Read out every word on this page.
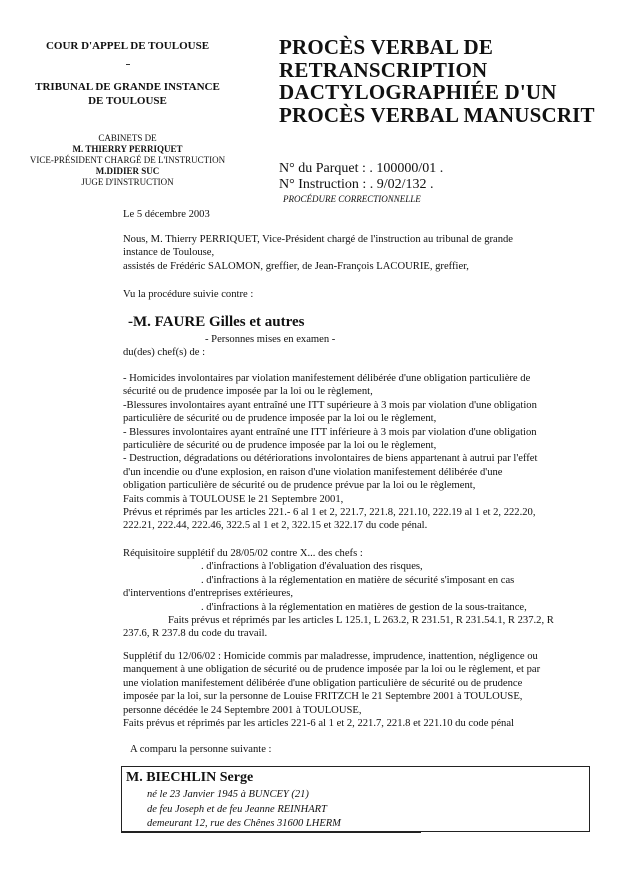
COUR D'APPEL DE TOULOUSE
TRIBUNAL DE GRANDE INSTANCE
DE TOULOUSE
CABINETS DE
M. THIERRY PERRIQUET
VICE-PRÉSIDENT CHARGÉ DE L'INSTRUCTION
M.DIDIER SUC
JUGE D'INSTRUCTION
PROCÈS VERBAL DE
RETRANSCRIPTION
DACTYLOGRAPHIÉE D'UN
PROCÈS VERBAL MANUSCRIT
N° du Parquet : . 100000/01 .
N° Instruction : . 9/02/132 .
PROCÉDURE CORRECTIONNELLE
Le 5 décembre 2003
Nous, M. Thierry PERRIQUET, Vice-Président chargé de l'instruction au tribunal de grande
instance de Toulouse,
assistés de Frédéric SALOMON, greffier, de Jean-François LACOURIE, greffier,
Vu la procédure suivie contre :
-M. FAURE Gilles et autres
- Personnes mises en examen -
du(des) chef(s) de :
- Homicides involontaires par violation manifestement délibérée d'une obligation particulière de
sécurité ou de prudence imposée par la loi ou le règlement,
-Blessures involontaires ayant entraîné une ITT supérieure à 3 mois par violation d'une obligation
particulière de sécurité ou de prudence imposée par la loi ou le règlement,
- Blessures involontaires ayant entraîné une ITT inférieure à 3 mois par violation d'une obligation
particulière de sécurité ou de prudence imposée par la loi ou le règlement,
- Destruction, dégradations ou détériorations involontaires de biens appartenant à autrui par l'effet
d'un incendie ou d'une explosion, en raison d'une violation manifestement délibérée d'une
obligation particulière de sécurité ou de prudence prévue par la loi ou le règlement,
Faits commis à TOULOUSE le 21 Septembre 2001,
Prévus et réprimés par les articles 221.- 6 al 1 et 2, 221.7, 221.8, 221.10, 222.19 al 1 et 2, 222.20,
222.21, 222.44, 222.46, 322.5 al 1 et 2, 322.15 et 322.17 du code pénal.
Réquisitoire supplétif du 28/05/02 contre X... des chefs :
. d'infractions à l'obligation d'évaluation des risques,
. d'infractions à la réglementation en matière de sécurité s'imposant en cas
d'interventions d'entreprises extérieures,
. d'infractions à la réglementation en matières de gestion de la sous-traitance,
Faits prévus et réprimés par les articles L 125.1, L 263.2, R 231.51, R 231.54.1, R 237.2, R
237.6, R 237.8 du code du travail.
Supplétif du 12/06/02 : Homicide commis par maladresse, imprudence, inattention, négligence ou
manquement à une obligation de sécurité ou de prudence imposée par la loi ou le règlement, et par
une violation manifestement délibérée d'une obligation particulière de sécurité ou de prudence
imposée par la loi, sur la personne de Louise FRITZCH le 21 Septembre 2001 à TOULOUSE,
personne décédée le 24 Septembre 2001 à TOULOUSE,
Faits prévus et réprimés par les articles 221-6 al 1 et 2, 221.7, 221.8 et 221.10 du code pénal
A comparu la personne suivante :
M. BIECHLIN Serge
né le 23 Janvier 1945 à BUNCEY (21)
de feu Joseph et de feu Jeanne REINHART
demeurant 12, rue des Chênes 31600 LHERM
